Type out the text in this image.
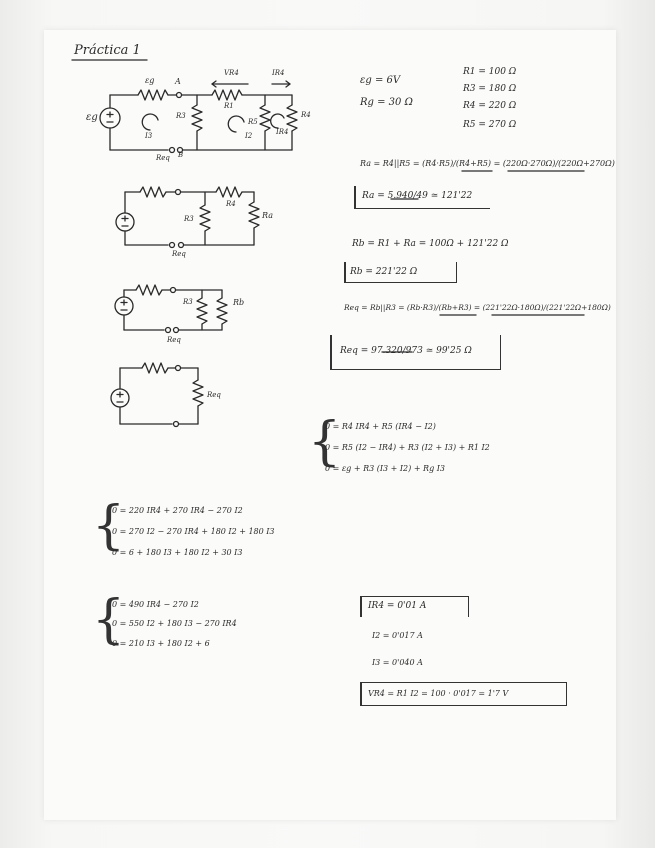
Práctica 1
εg	A
VR4	IR4
R1
R3
R5
R4
IR4
I3	I2
εg
Req B
R3
R4
Ra
Req
R3	Rb
Req
Req
εg = 6V
Rg = 30 Ω
R1 = 100 Ω
R3 = 180 Ω
R4 = 220 Ω
R5 = 270 Ω
Ra = R4||R5 = (R4·R5)/(R4+R5) = (220Ω·270Ω)/(220Ω+270Ω)
Ra = 5.940/49 ≃ 121'22
Rb = R1 + Ra = 100Ω + 121'22 Ω
Rb = 221'22 Ω
Req = Rb||R3 = (Rb·R3)/(Rb+R3) = (221'22Ω·180Ω)/(221'22Ω+180Ω)
Req = 97.320/973 ≃ 99'25 Ω
{
0 = R4 IR4 + R5 (IR4 − I2)
0 = R5 (I2 − IR4) + R3 (I2 + I3) + R1 I2
0 = εg + R3 (I3 + I2) + Rg I3
{
0 = 220 IR4 + 270 IR4 − 270 I2
0 = 270 I2 − 270 IR4 + 180 I2 + 180 I3
0 = 6 + 180 I3 + 180 I2 + 30 I3
{
0 = 490 IR4 − 270 I2
0 = 550 I2 + 180 I3 − 270 IR4
0 = 210 I3 + 180 I2 + 6
IR4 = 0'01 A
I2 = 0'017 A
I3 = 0'040 A
VR4 = R1 I2 = 100 · 0'017 = 1'7 V
